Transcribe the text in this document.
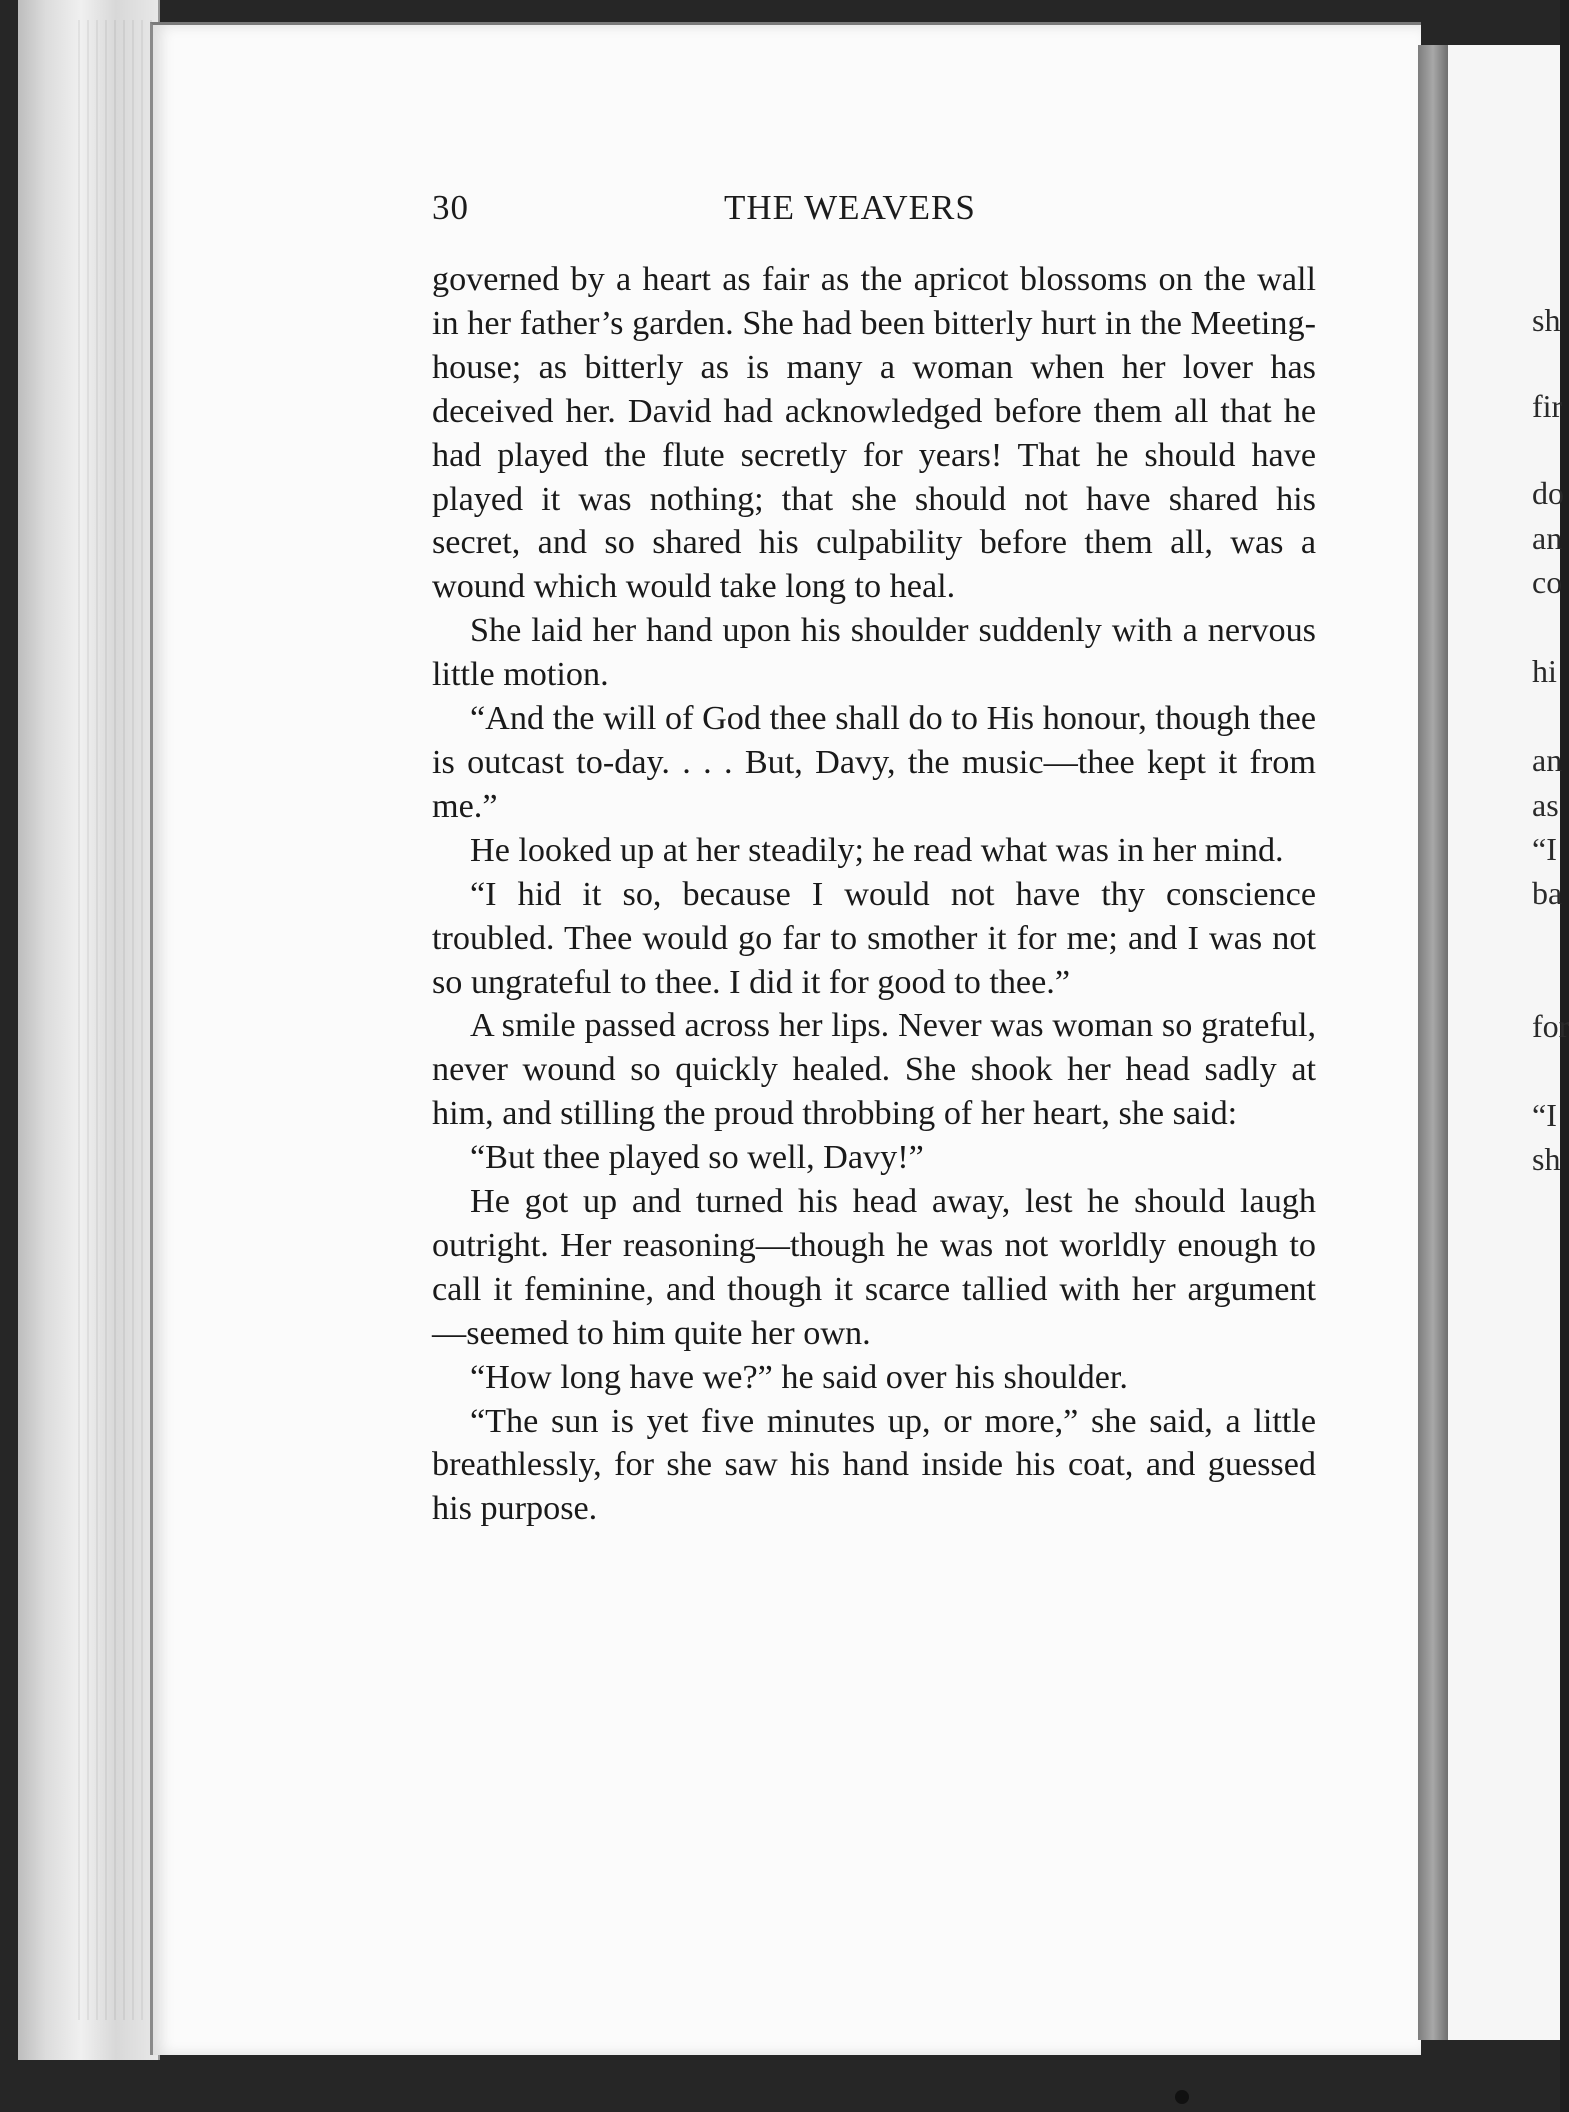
sh
fir
do
an
co
hi
an
as
“I
ba
for
“I
sh
30	THE WEAVERS

governed by a heart as fair as the apricot blossoms on the wall in her father’s garden. She had been bitterly hurt in the Meeting-house; as bitterly as is many a woman when her lover has deceived her. David had acknowledged before them all that he had played the flute secretly for years! That he should have played it was nothing; that she should not have shared his secret, and so shared his culpability before them all, was a wound which would take long to heal.

She laid her hand upon his shoulder suddenly with a nervous little motion.

“And the will of God thee shall do to His honour, though thee is outcast to-day. . . . But, Davy, the music—thee kept it from me.”

He looked up at her steadily; he read what was in her mind.

“I hid it so, because I would not have thy conscience troubled. Thee would go far to smother it for me; and I was not so ungrateful to thee. I did it for good to thee.”

A smile passed across her lips. Never was woman so grateful, never wound so quickly healed. She shook her head sadly at him, and stilling the proud throbbing of her heart, she said:

“But thee played so well, Davy!”

He got up and turned his head away, lest he should laugh outright. Her reasoning—though he was not worldly enough to call it feminine, and though it scarce tallied with her argument—seemed to him quite her own.

“How long have we?” he said over his shoulder.

“The sun is yet five minutes up, or more,” she said, a little breathlessly, for she saw his hand inside his coat, and guessed his purpose.
